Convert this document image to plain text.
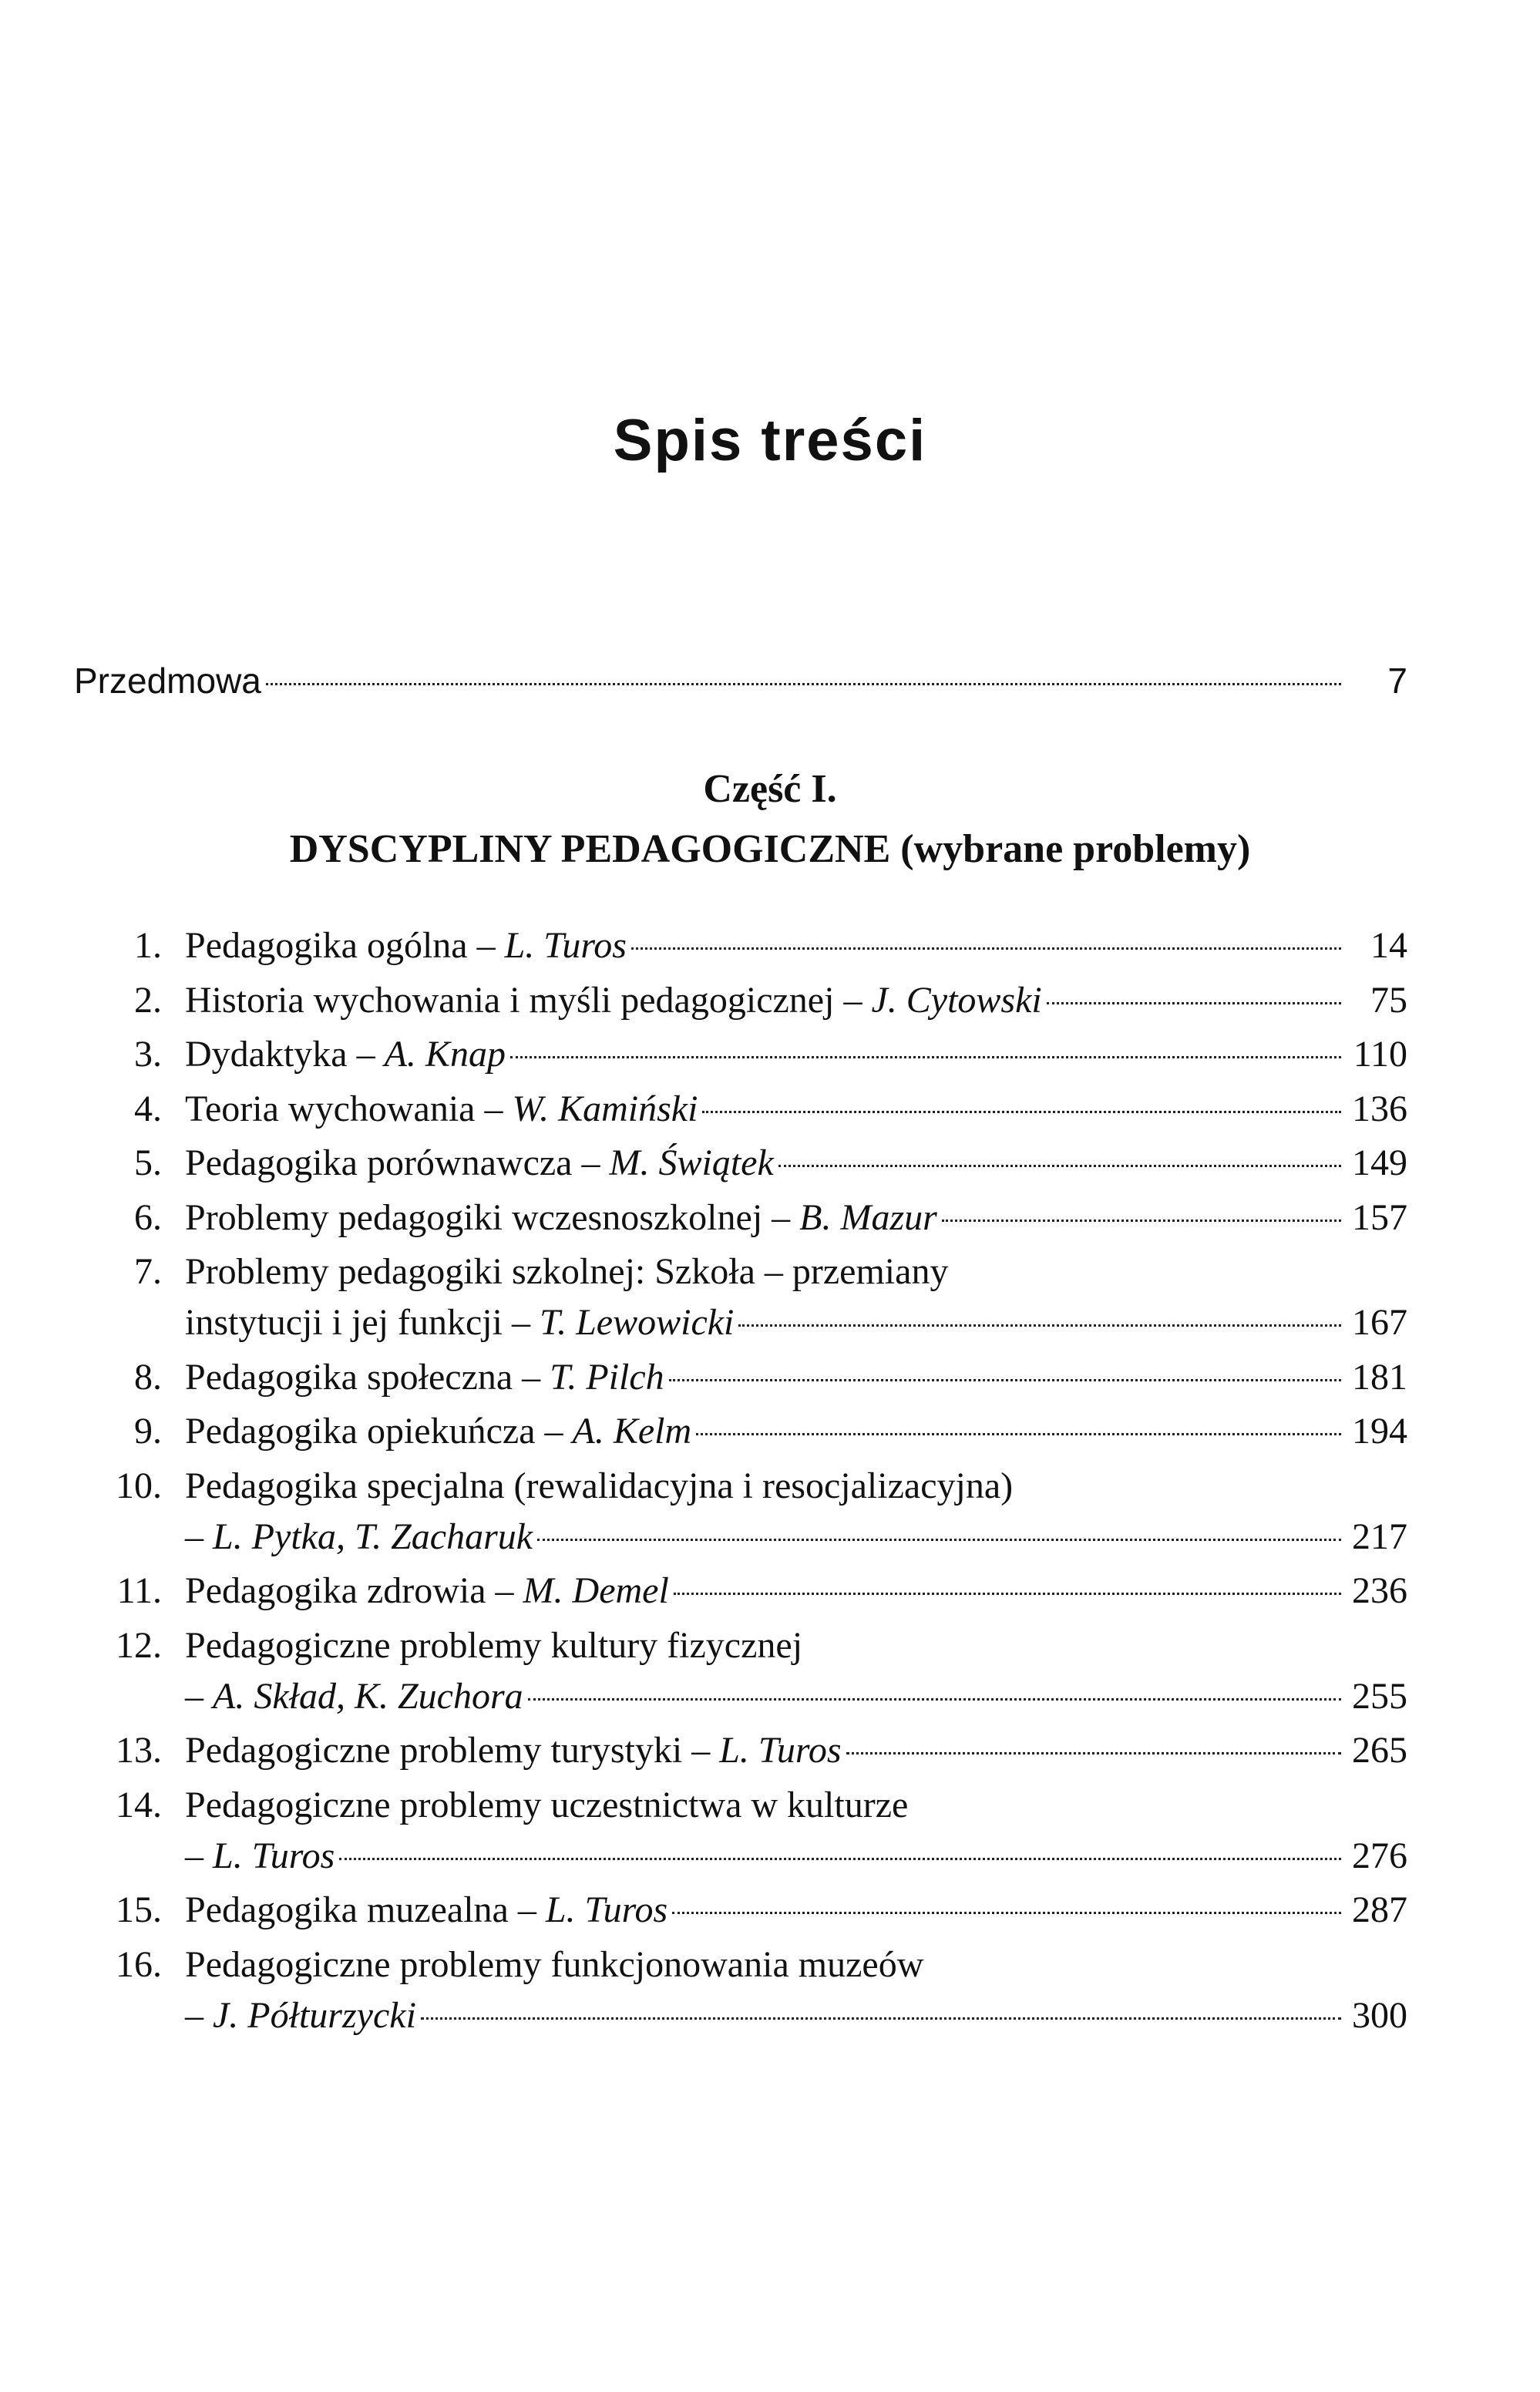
Spis treści
Przedmowa	7
Część I.
DYSCYPLINY PEDAGOGICZNE (wybrane problemy)
1. Pedagogika ogólna – L. Turos	14
2. Historia wychowania i myśli pedagogicznej – J. Cytowski	75
3. Dydaktyka – A. Knap	110
4. Teoria wychowania – W. Kamiński	136
5. Pedagogika porównawcza – M. Świątek	149
6. Problemy pedagogiki wczesnoszkolnej – B. Mazur	157
7. Problemy pedagogiki szkolnej: Szkoła – przemiany
instytucji i jej funkcji – T. Lewowicki	167
8. Pedagogika społeczna – T. Pilch	181
9. Pedagogika opiekuńcza – A. Kelm	194
10. Pedagogika specjalna (rewalidacyjna i resocjalizacyjna)
– L. Pytka, T. Zacharuk	217
11. Pedagogika zdrowia – M. Demel	236
12. Pedagogiczne problemy kultury fizycznej
– A. Skład, K. Zuchora	255
13. Pedagogiczne problemy turystyki – L. Turos	265
14. Pedagogiczne problemy uczestnictwa w kulturze
– L. Turos	276
15. Pedagogika muzealna – L. Turos	287
16. Pedagogiczne problemy funkcjonowania muzeów
– J. Półturzycki	300
